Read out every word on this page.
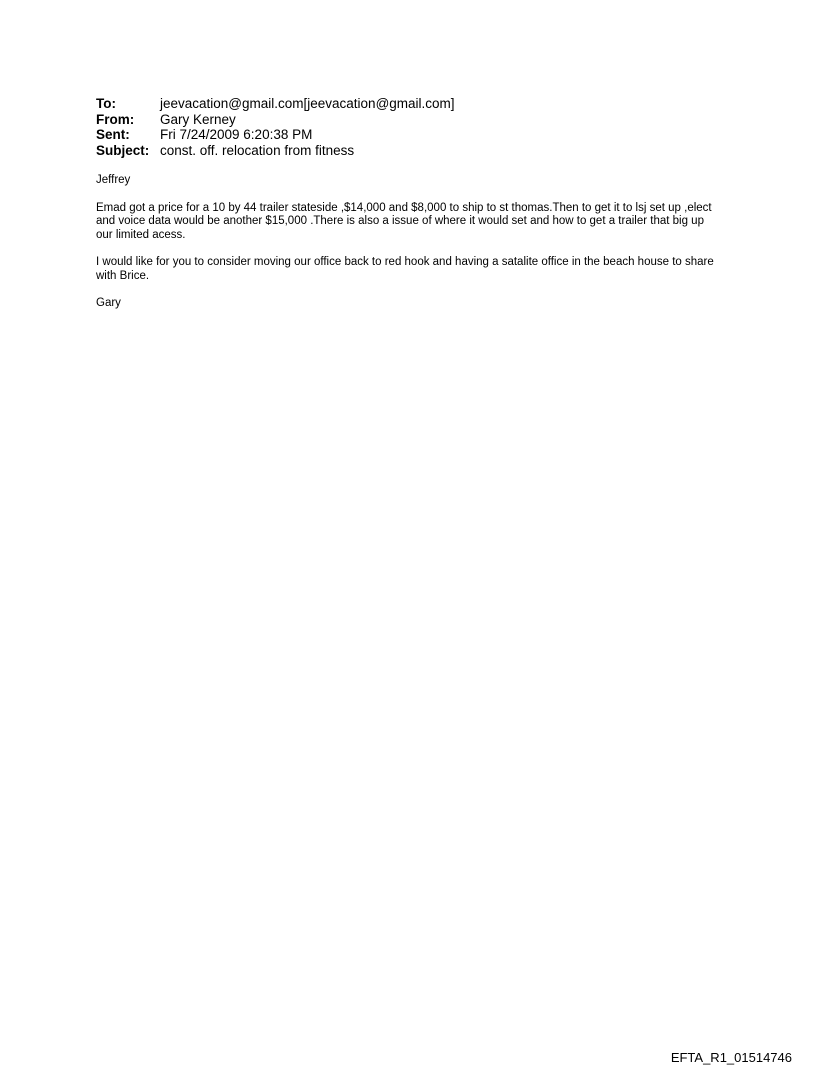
To:	jeevacation@gmail.com[jeevacation@gmail.com]
From:	Gary Kerney
Sent:	Fri 7/24/2009 6:20:38 PM
Subject: const. off. relocation from fitness

Jeffrey

Emad got a price for a 10 by 44 trailer stateside ,$14,000 and $8,000 to ship to st thomas.Then to get it to lsj set up ,elect and voice data would be another $15,000 .There is also a issue of where it would set and how to get a trailer that big up our limited acess.

I would like for you to consider moving our office back to red hook and having a satalite office in the beach house to share with Brice.

Gary

EFTA_R1_01514746
